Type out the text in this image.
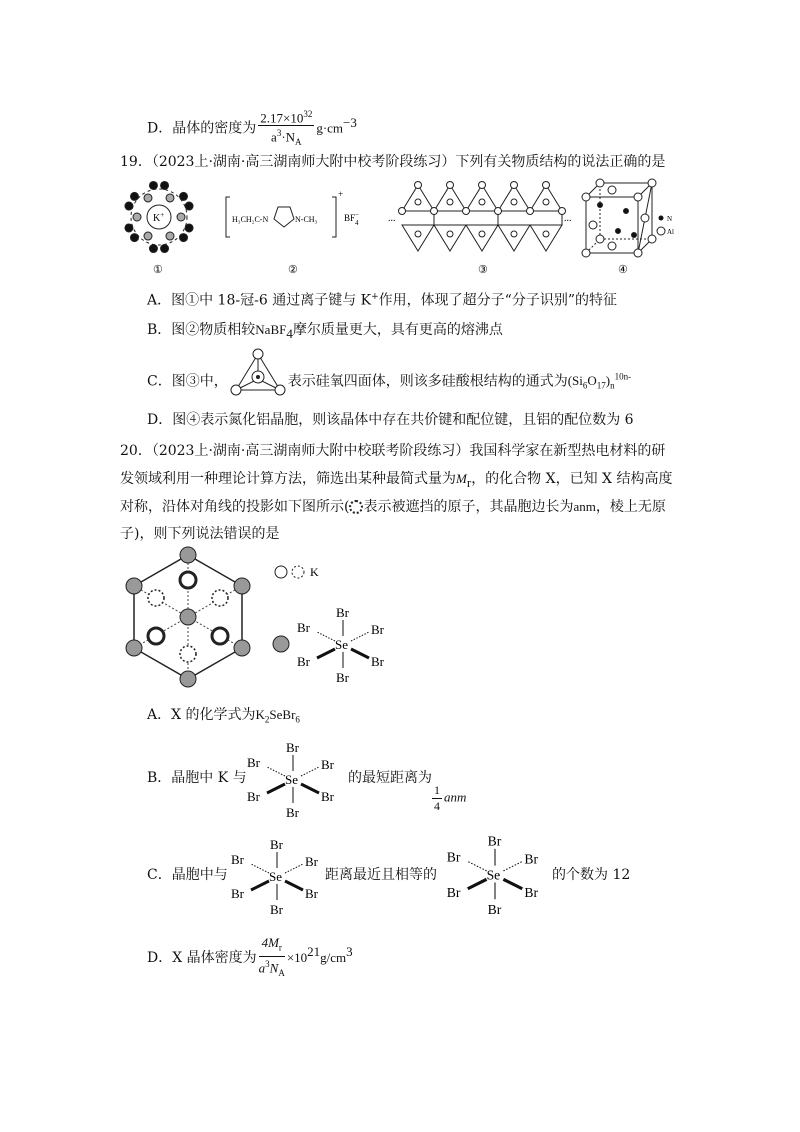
D．晶体的密度为 $\frac{2.17\times 10^{32}}{a^3\cdot N_A} g\cdot cm^{-3}$
19．（2023上·湖南·高三湖南师大附中校考阶段练习）下列有关物质结构的说法正确的是
K+
①
H₃CH₂C-N	N-CH₃
+
BF− 4
②
...	...
③
N
Al
④
A．图①中 18-冠-6 通过离子键与 K+作用，体现了超分子“分子识别”的特征
B．图②物质相较NaBF$_4$摩尔质量更大，具有更高的熔沸点
C．图③中，	表示硅氧四面体，则该多硅酸根结构的通式为$(Si_6O_{17})_n^{10n-}$
D．图④表示氮化铝晶胞，则该晶体中存在共价键和配位键，且铝的配位数为 6
20．（2023上·湖南·高三湖南师大附中校联考阶段练习）我国科学家在新型热电材料的研
发领域利用一种理论计算方法，筛选出某种最简式量为$M_r$，的化合物 X，已知 X 结构高度
对称，沿体对角线的投影如下图所示( 表示被遮挡的原子，其晶胞边长为anm，棱上无原
子)，则下列说法错误的是
K
Br
Br
Br	Br
Br	Br
Se
A．X 的化学式为$K_2SeBr_6$
B．晶胞中 K 与
Br
Br
Br	Br
Br	Br
Se	的最短距离为
$\frac{1}{4}$ anm
C．晶胞中与
Br
Br
Br	Br
Br	Br
Se	距离最近且相等的
Br
Br
Br	Br
Br	Br
Se	的个数为 12
D．X 晶体密度为 $\frac{4M_r}{a^3N_A} \times 10^{21}g/cm^3$
